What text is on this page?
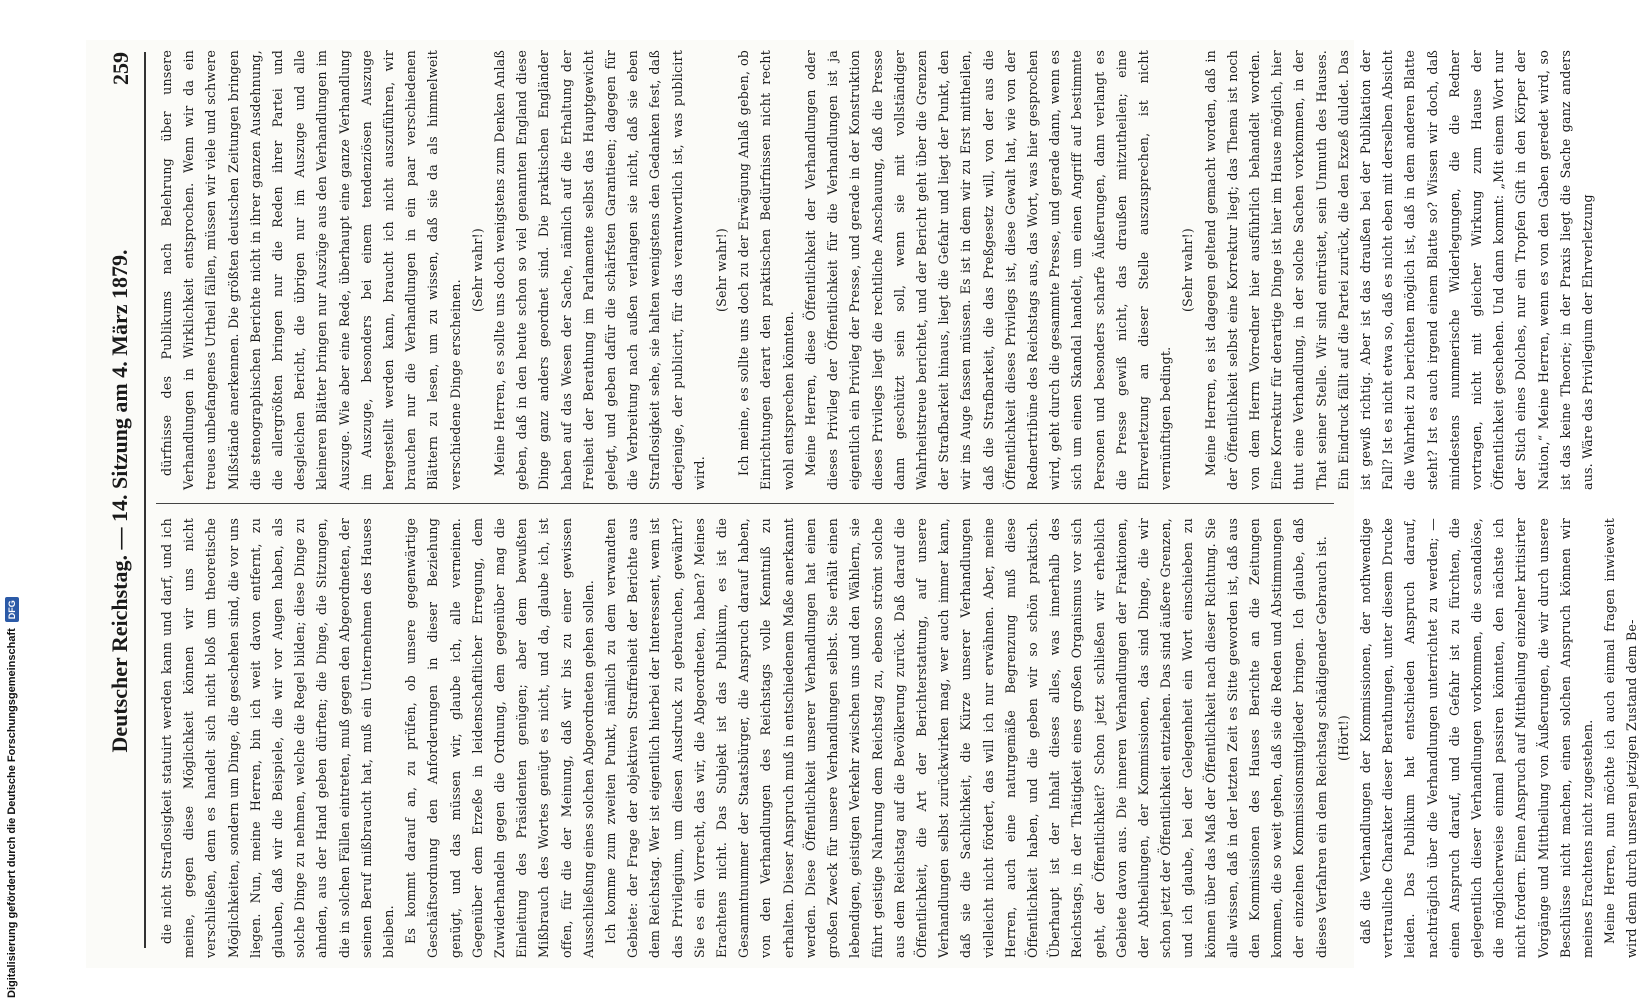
Deutscher Reichstag. — 14. Sitzung am 4. März 1879.
259

die nicht Straflosigkeit statuirt werden kann und darf, und ich meine, gegen diese Möglichkeit können wir uns nicht verschließen, denn es handelt sich nicht bloß um theoretische Möglichkeiten, sondern um Dinge, die geschehen sind, die vor uns liegen. Nun, meine Herren, bin ich weit davon entfernt, zu glauben, daß wir die Beispiele, die wir vor Augen haben, als solche Dinge zu nehmen, welche die Regel bilden; diese Dinge zu ahnden, aus der Hand geben dürften; die Dinge, die Sitzungen, die in solchen Fällen eintreten, muß gegen den Abgeordneten, der seinen Beruf mißbraucht hat, muß ein Unternehmen des Hauses bleiben. Es kommt darauf an, zu prüfen, ob unsere gegenwärtige Geschäftsordnung den Anforderungen in dieser Beziehung genügt, und das müssen wir, glaube ich, alle verneinen. Gegenüber dem Erzeße in leidenschaftlicher Erregung, dem Zuwiderhandeln gegen die Ordnung, dem gegenüber mag die Einleitung des Präsidenten genügen; aber dem bewußten Mißbrauch des Wortes genügt es nicht, und da, glaube ich, ist offen, für die der Meinung, daß wir bis zu einer gewissen Ausschließung eines solchen Abgeordneten gehen sollen. Ich komme zum zweiten Punkt, nämlich zu dem verwandten Gebiete: der Frage der objektiven Straffreiheit der Berichte aus dem Reichstag. Wer ist eigentlich hierbei der Interessent, wem ist das Privilegium, um diesen Ausdruck zu gebrauchen, gewährt? Sie es ein Vorrecht, das wir, die Abgeordneten, haben? Meines Erachtens nicht. Das Subjekt ist das Publikum, es ist die Gesammtnummer der Staatsbürger, die Anspruch darauf haben, von den Verhandlungen des Reichstags volle Kenntniß zu erhalten. Dieser Anspruch muß in entschiedenem Maße anerkannt werden. Diese Öffentlichkeit unserer Verhandlungen hat einen großen Zweck für unsere Verhandlungen selbst. Sie erhält einen lebendigen, geistigen Verkehr zwischen uns und den Wählern, sie führt geistige Nahrung dem Reichstag zu, ebenso strömt solche aus dem Reichstag auf die Bevölkerung zurück. Daß darauf die Öffentlichkeit, die Art der Berichterstattung, auf unsere Verhandlungen selbst zurückwirken mag, wer auch immer kann, daß sie die Sachlichkeit, die Kürze unserer Verhandlungen vielleicht nicht fördert, das will ich nur erwähnen. Aber, meine Herren, auch eine naturgemäße Begrenzung muß diese Öffentlichkeit haben, und die geben wir so schön praktisch. Überhaupt ist der Inhalt dieses alles, was innerhalb des Reichstags, in der Thätigkeit eines großen Organismus vor sich geht, der Öffentlichkeit? Schon jetzt schließen wir erheblich Gebiete davon aus. Die inneren Verhandlungen der Fraktionen, der Abtheilungen, der Kommissionen, das sind Dinge, die wir schon jetzt der Öffentlichkeit entziehen. Das sind äußere Grenzen, und ich glaube, bei der Gelegenheit ein Wort einschieben zu können über das Maß der Öffentlichkeit nach dieser Richtung. Sie alle wissen, daß in der letzten Zeit es Sitte geworden ist, daß aus den Kommissionen des Hauses Berichte an die Zeitungen kommen, die so weit gehen, daß sie die Reden und Abstimmungen der einzelnen Kommissionsmitglieder bringen. Ich glaube, daß dieses Verfahren ein dem Reichstag schädigender Gebrauch ist. (Hört!) daß die Verhandlungen der Kommissionen, der nothwendige vertrauliche Charakter dieser Berathungen, unter diesem Drucke leiden. Das Publikum hat entschieden Anspruch darauf, nachträglich über die Verhandlungen unterrichtet zu werden; — einen Anspruch darauf, und die Gefahr ist zu fürchten, die gelegentlich dieser Verhandlungen vorkommen, die scandalöse, die möglicherweise einmal passiren könnten, den nächste ich nicht fordern. Einen Anspruch auf Mittheilung einzelner kritisirter Vorgänge und Mittheilung von Äußerungen, die wir durch unsere Beschlüsse nicht machen, einen solchen Anspruch können wir meines Erachtens nicht zugestehen. Meine Herren, nun möchte ich auch einmal fragen inwieweit wird denn durch unseren jetzigen Zustand dem Be-

dürfnisse des Publikums nach Belehrung über unsere Verhandlungen in Wirklichkeit entsprochen. Wenn wir da ein treues unbefangenes Urtheil fällen, müssen wir viele und schwere Mißstände anerkennen. Die größten deutschen Zeitungen bringen die stenographischen Berichte nicht in ihrer ganzen Ausdehnung, die allergrößten bringen nur die Reden ihrer Partei und desgleichen Bericht, die übrigen nur im Auszuge und alle kleineren Blätter bringen nur Auszüge aus den Verhandlungen im Auszuge. Wie aber eine Rede, überhaupt eine ganze Verhandlung im Auszuge, besonders bei einem tendenziösen Auszuge hergestellt werden kann, braucht ich nicht auszuführen, wir brauchen nur die Verhandlungen in ein paar verschiedenen Blättern zu lesen, um zu wissen, daß sie da als himmelweit verschiedene Dinge erscheinen.

(Sehr wahr!) Meine Herren, es sollte uns doch wenigstens zum Denken Anlaß geben, daß in den heute schon so viel genannten England diese Dinge ganz anders geordnet sind. Die praktischen Engländer haben auf das Wesen der Sache, nämlich auf die Erhaltung der Freiheit der Berathung im Parlamente selbst das Hauptgewicht gelegt, und geben dafür die schärfsten Garantieen; dagegen für die Verbreitung nach außen verlangen sie nicht, daß sie eben Straflosigkeit sehe, sie halten wenigstens den Gedanken fest, daß derjenige, der publicirt, für das verantwortlich ist, was publicirt wird.

(Sehr wahr!) Ich meine, es sollte uns doch zu der Erwägung Anlaß geben, ob Einrichtungen derart den praktischen Bedürfnissen nicht recht wohl entsprechen könnten. Meine Herren, diese Öffentlichkeit der Verhandlungen oder dieses Privileg der Öffentlichkeit für die Verhandlungen ist ja eigentlich ein Privileg der Presse, und gerade in der Konstruktion dieses Privilegs liegt die rechtliche Anschauung, daß die Presse dann geschützt sein soll, wenn sie mit vollständiger Wahrheitstreue berichtet, und der Bericht geht über die Grenzen der Strafbarkeit hinaus, liegt die Gefahr und liegt der Punkt, den wir ins Auge fassen müssen. Es ist in dem wir zu Erst mittheilen, daß die Strafbarkeit, die das Preßgesetz will, von der aus die Öffentlichkeit dieses Privilegs ist, diese Gewalt hat, wie von der Rednertribüne des Reichstags aus, das Wort, was hier gesprochen wird, geht durch die gesammte Presse, und gerade dann, wenn es sich um einen Skandal handelt, um einen Angriff auf bestimmte Personen und besonders scharfe Äußerungen, dann verlangt es die Presse gewiß nicht, das draußen mitzutheilen; eine Ehrverletzung an dieser Stelle auszusprechen, ist nicht vernünftigen bedingt.

(Sehr wahr!) Meine Herren, es ist dagegen geltend gemacht worden, daß in der Öffentlichkeit selbst eine Korrektur liegt; das Thema ist noch von dem Herrn Vorredner hier ausführlich behandelt worden. Eine Korrektur für derartige Dinge ist hier im Hause möglich, hier thut eine Verhandlung, in der solche Sachen vorkommen, in der That seiner Stelle. Wir sind entrüstet, sein Unmuth des Hauses. Ein Eindruck fällt auf die Partei zurück, die den Exzeß duldet. Das ist gewiß richtig. Aber ist das draußen bei der Publikation der Fall? Ist es nicht etwa so, daß es nicht eben mit derselben Absicht die Wahrheit zu berichten möglich ist, daß in dem anderen Blatte steht? Ist es auch irgend einem Blatte so? Wissen wir doch, daß mindestens nummerische Widerlegungen, die die Redner vortragen, nicht mit gleicher Wirkung zum Hause der Öffentlichkeit geschehen. Und dann kommt: „Mit einem Wort nur der Stich eines Dolches, nur ein Tropfen Gift in den Körper der Nation,“ Meine Herren, wenn es von den Gaben geredet wird, so ist das keine Theorie; in der Praxis liegt die Sache ganz anders aus. Wäre das Privilegium der Ehrverletzung

Digitalisierung gefördert durch die Deutsche Forschungsgemeinschaft
DFG
